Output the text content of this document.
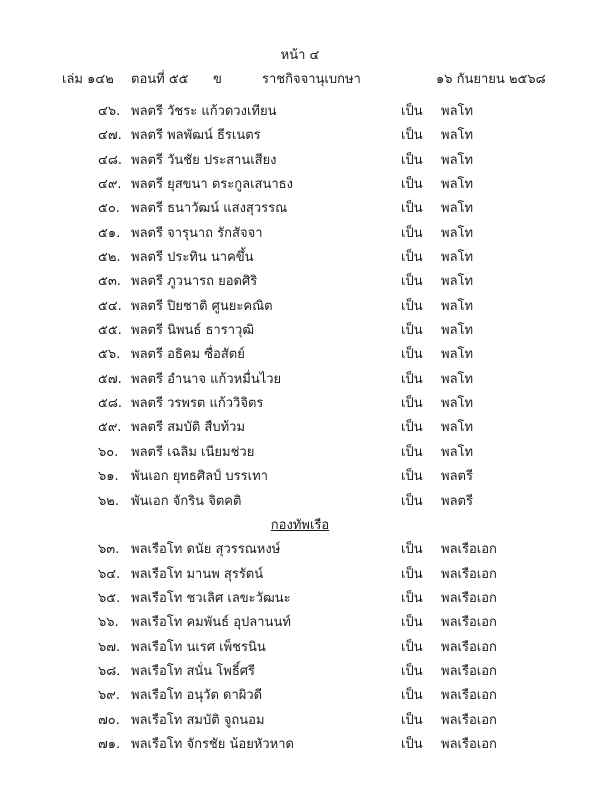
หน้า ๔
เล่ม ๑๔๒ ตอนที่ ๕๕ ข	ราชกิจจานุเบกษา	๑๖ กันยายน ๒๕๖๘
๔๖. พลตรี วัชระ แก้วดวงเทียน	เป็น พลโท
๔๗. พลตรี พลพัฒน์ ธีรเนตร	เป็น พลโท
๔๘. พลตรี วันชัย ประสานเสียง	เป็น พลโท
๔๙. พลตรี ยุสขนา ตระกูลเสนาธง	เป็น พลโท
๕๐. พลตรี ธนาวัฒน์ แสงสุวรรณ	เป็น พลโท
๕๑. พลตรี จารุนาถ รักสัจจา	เป็น พลโท
๕๒. พลตรี ประทิน นาคขึ้น	เป็น พลโท
๕๓. พลตรี ภูวนารถ ยอดศิริ	เป็น พลโท
๕๔. พลตรี ปิยชาติ ศูนยะคณิต	เป็น พลโท
๕๕. พลตรี นิพนธ์ ธาราวุฒิ	เป็น พลโท
๕๖. พลตรี อธิคม ซื่อสัตย์	เป็น พลโท
๕๗. พลตรี อำนาจ แก้วหมื่นไวย	เป็น พลโท
๕๘. พลตรี วรพรต แก้ววิจิตร	เป็น พลโท
๕๙. พลตรี สมบัติ สืบท้วม	เป็น พลโท
๖๐. พลตรี เฉลิม เนียมช่วย	เป็น พลโท
๖๑. พันเอก ยุทธศิลป์ บรรเทา	เป็น พลตรี
๖๒. พันเอก จักริน จิตคติ	เป็น พลตรี
กองทัพเรือ
๖๓. พลเรือโท ดนัย สุวรรณหงษ์	เป็น พลเรือเอก
๖๔. พลเรือโท มานพ สุรรัตน์	เป็น พลเรือเอก
๖๕. พลเรือโท ชวเลิศ เลขะวัฒนะ	เป็น พลเรือเอก
๖๖. พลเรือโท คมพันธ์ อุปลานนท์	เป็น พลเรือเอก
๖๗. พลเรือโท นเรศ เพ็ชรนิน	เป็น พลเรือเอก
๖๘. พลเรือโท สนั่น โพธิ์ศรี	เป็น พลเรือเอก
๖๙. พลเรือโท อนุวัต ดาผิวดี	เป็น พลเรือเอก
๗๐. พลเรือโท สมบัติ จูถนอม	เป็น พลเรือเอก
๗๑. พลเรือโท จักรชัย น้อยหัวหาด	เป็น พลเรือเอก
